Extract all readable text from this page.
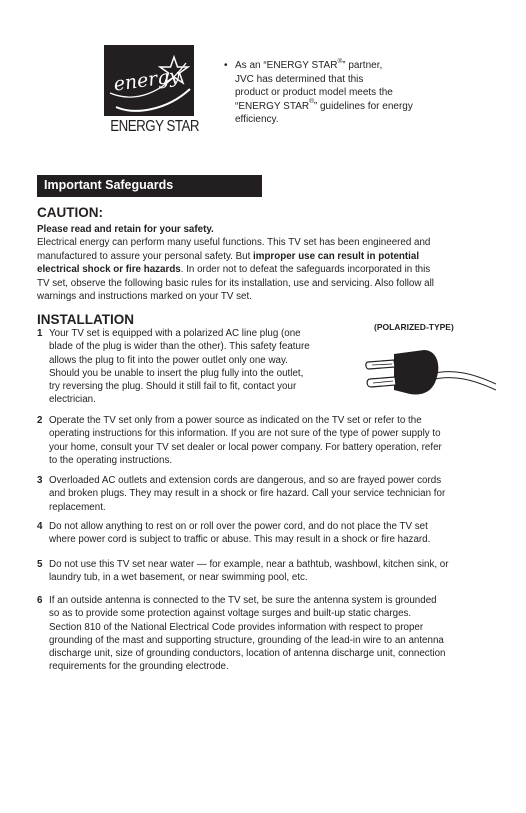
energy
ENERGY STAR
• As an “ENERGY STAR®” partner,
JVC has determined that this
product or product model meets the
“ENERGY STAR®” guidelines for energy
efficiency.
Important Safeguards
CAUTION:
Please read and retain for your safety.
Electrical energy can perform many useful functions. This TV set has been engineered and
manufactured to assure your personal safety. But improper use can result in potential
electrical shock or fire hazards. In order not to defeat the safeguards incorporated in this
TV set, observe the following basic rules for its installation, use and servicing. Also follow all
warnings and instructions marked on your TV set.
INSTALLATION	(POLARIZED-TYPE)
1 Your TV set is equipped with a polarized AC line plug (one
blade of the plug is wider than the other). This safety feature
allows the plug to fit into the power outlet only one way.
Should you be unable to insert the plug fully into the outlet,
try reversing the plug. Should it still fail to fit, contact your
electrician.
2 Operate the TV set only from a power source as indicated on the TV set or refer to the
operating instructions for this information. If you are not sure of the type of power supply to
your home, consult your TV set dealer or local power company. For battery operation, refer
to the operating instructions.
3 Overloaded AC outlets and extension cords are dangerous, and so are frayed power cords
and broken plugs. They may result in a shock or fire hazard. Call your service technician for
replacement.
4 Do not allow anything to rest on or roll over the power cord, and do not place the TV set
where power cord is subject to traffic or abuse. This may result in a shock or fire hazard.
5 Do not use this TV set near water — for example, near a bathtub, washbowl, kitchen sink, or
laundry tub, in a wet basement, or near swimming pool, etc.
6 If an outside antenna is connected to the TV set, be sure the antenna system is grounded
so as to provide some protection against voltage surges and built-up static charges.
Section 810 of the National Electrical Code provides information with respect to proper
grounding of the mast and supporting structure, grounding of the lead-in wire to an antenna
discharge unit, size of grounding conductors, location of antenna discharge unit, connection
requirements for the grounding electrode.
